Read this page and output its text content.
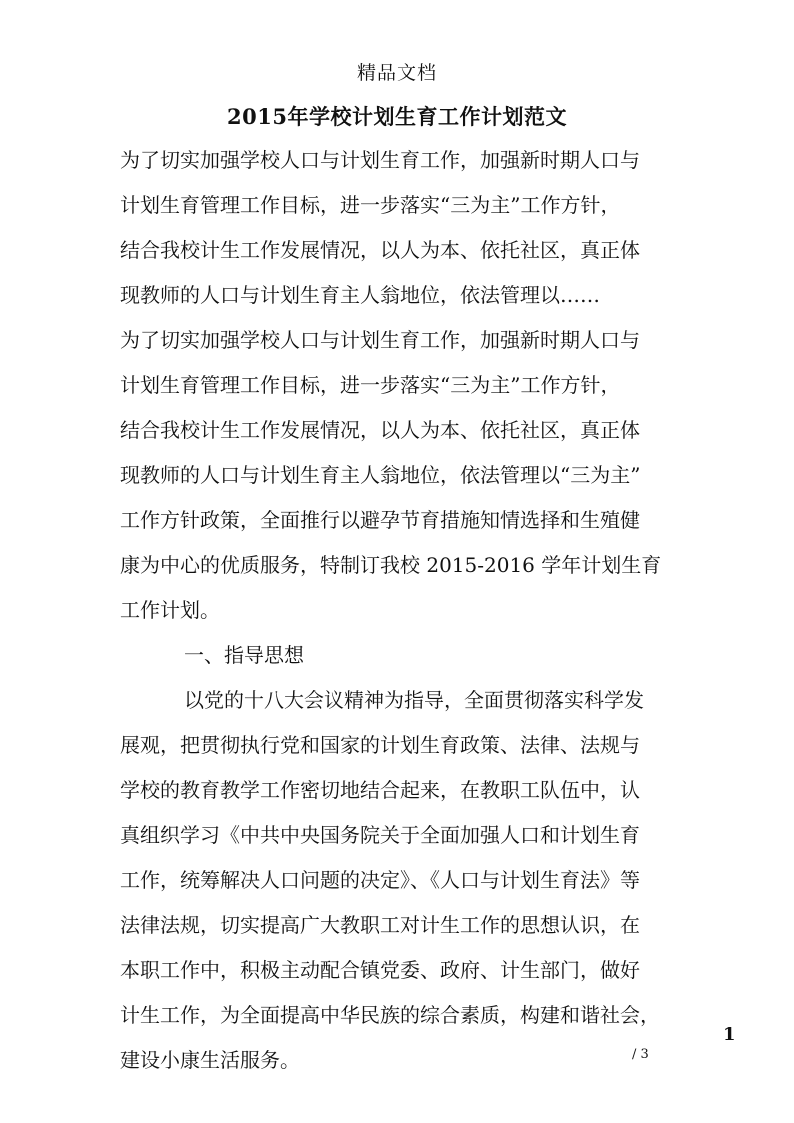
精品文档
2015年学校计划生育工作计划范文
为了切实加强学校人口与计划生育工作，加强新时期人口与
计划生育管理工作目标，进一步落实“三为主”工作方针，
结合我校计生工作发展情况，以人为本、依托社区，真正体
现教师的人口与计划生育主人翁地位，依法管理以……
为了切实加强学校人口与计划生育工作，加强新时期人口与
计划生育管理工作目标，进一步落实“三为主”工作方针，
结合我校计生工作发展情况，以人为本、依托社区，真正体
现教师的人口与计划生育主人翁地位，依法管理以“三为主”
工作方针政策，全面推行以避孕节育措施知情选择和生殖健
康为中心的优质服务，特制订我校 2015-2016 学年计划生育
工作计划。
一、指导思想
以党的十八大会议精神为指导，全面贯彻落实科学发
展观，把贯彻执行党和国家的计划生育政策、法律、法规与
学校的教育教学工作密切地结合起来，在教职工队伍中，认
真组织学习《中共中央国务院关于全面加强人口和计划生育
工作，统筹解决人口问题的决定》、《人口与计划生育法》等
法律法规，切实提高广大教职工对计生工作的思想认识，在
本职工作中，积极主动配合镇党委、政府、计生部门，做好
计生工作，为全面提高中华民族的综合素质，构建和谐社会，
建设小康生活服务。
1
/ 3
